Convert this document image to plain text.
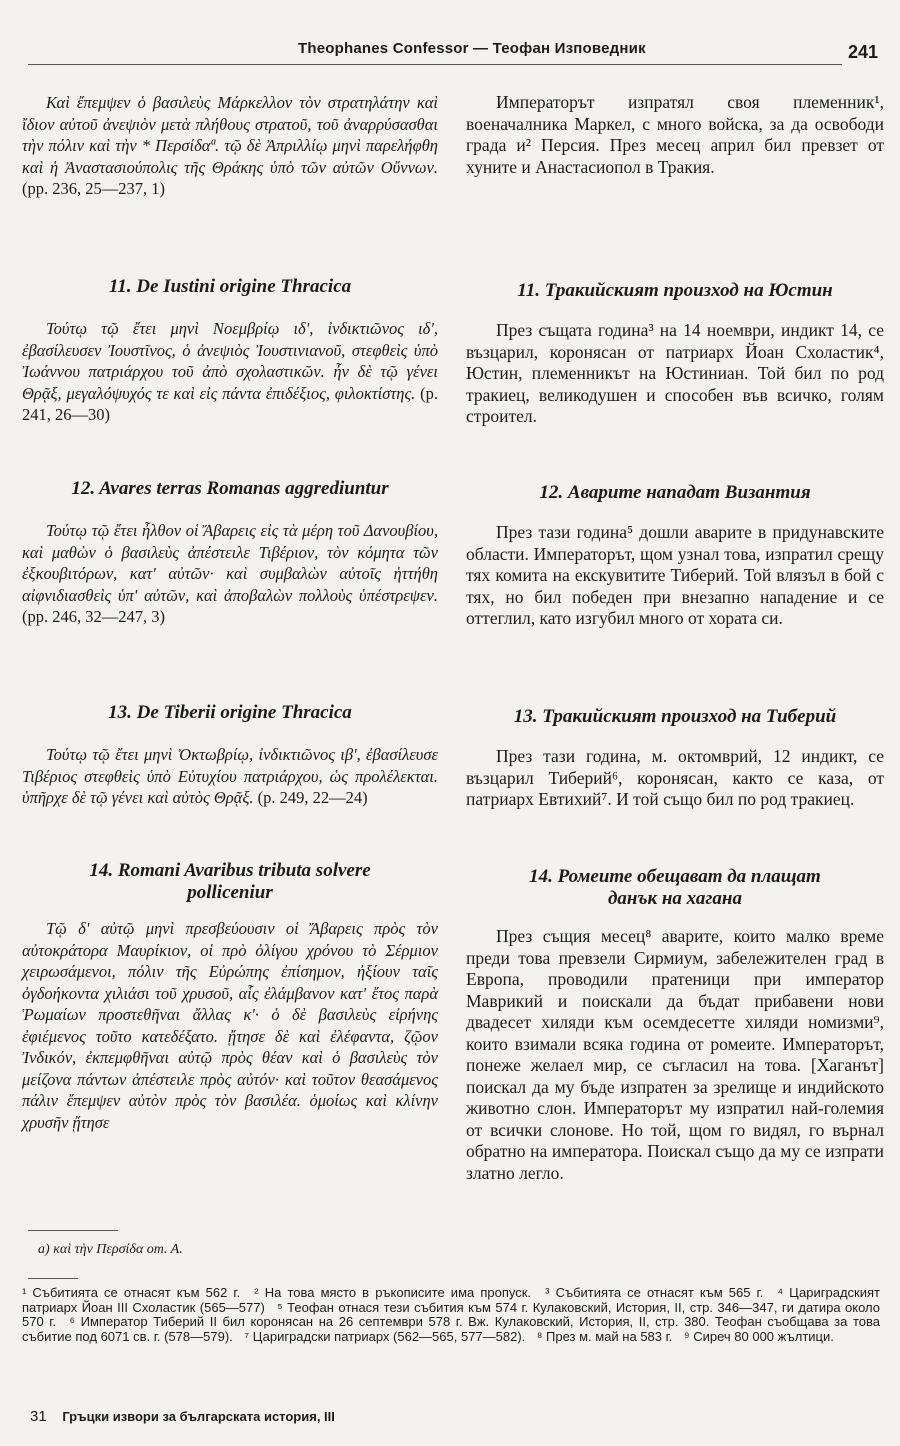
Theophanes Confessor — Теофан Изповедник	241

Καὶ ἔπεμψεν ὁ βασιλεὺς Μάρκελλον τὸν στρατηλάτην καὶ ἴδιον αὐτοῦ ἀνεψιὸν μετὰ πλήθους στρατοῦ, τοῦ ἀναρρύσασθαι τὴν πόλιν καὶ τὴν * Περσίδαª. τῷ δὲ Ἀπριλλίῳ μηνὶ παρελήφθη καὶ ἡ Ἀναστασιούπολις τῆς Θράκης ὑπὸ τῶν αὐτῶν Οὔννων. (pp. 236, 25—237, 1)

11. De Iustini origine Thracica

Τούτῳ τῷ ἔτει μηνὶ Νοεμβρίῳ ιδ', ἰνδικτιῶνος ιδ', ἐβασίλευσεν Ἰουστῖνος, ὁ ἀνεψιὸς Ἰουστινιανοῦ, στεφθεὶς ὑπὸ Ἰωάννου πατριάρχου τοῦ ἀπὸ σχολαστικῶν. ἦν δὲ τῷ γένει Θρᾷξ, μεγαλόψυχός τε καὶ εἰς πάντα ἐπιδέξιος, φιλοκτίστης. (p. 241, 26—30)

12. Avares terras Romanas aggrediuntur

Τούτῳ τῷ ἔτει ἦλθον οἱ Ἄβαρεις εἰς τὰ μέρη τοῦ Δανουβίου, καὶ μαθὼν ὁ βασιλεὺς ἀπέστειλε Τιβέριον, τὸν κόμητα τῶν ἐξκουβιτόρων, κατ' αὐτῶν· καὶ συμβαλὼν αὐτοῖς ἡττήθη αἰφνιδιασθεὶς ὑπ' αὐτῶν, καὶ ἀποβαλὼν πολλοὺς ὑπέστρεψεν. (pp. 246, 32—247, 3)

13. De Tiberii origine Thracica

Τούτῳ τῷ ἔτει μηνὶ Ὀκτωβρίῳ, ἰνδικτιῶνος ιβ', ἐβασίλευσε Τιβέριος στεφθεὶς ὑπὸ Εὐτυχίου πατριάρχου, ὡς προλέλεκται. ὑπῆρχε δὲ τῷ γένει καὶ αὐτὸς Θρᾷξ. (p. 249, 22—24)

14. Romani Avaribus tributa solvere polliceniur

Τῷ δ' αὐτῷ μηνὶ πρεσβεύουσιν οἱ Ἄβαρεις πρὸς τὸν αὐτοκράτορα Μαυρίκιον, οἱ πρὸ ὀλίγου χρόνου τὸ Σέρμιον χειρωσάμενοι, πόλιν τῆς Εὐρώπης ἐπίσημον, ἠξίουν ταῖς ὀγδοήκοντα χιλιάσι τοῦ χρυσοῦ, αἷς ἐλάμβανον κατ' ἔτος παρὰ Ῥωμαίων προστεθῆναι ἄλλας κ'· ὁ δὲ βασιλεὺς εἰρήνης ἐφιέμενος τοῦτο κατεδέξατο. ᾔτησε δὲ καὶ ἐλέφαντα, ζῷον Ἰνδικόν, ἐκπεμφθῆναι αὐτῷ πρὸς θέαν καὶ ὁ βασιλεὺς τὸν μείζονα πάντων ἀπέστειλε πρὸς αὐτόν· καὶ τοῦτον θεασάμενος πάλιν ἔπεμψεν αὐτὸν πρὸς τὸν βασιλέα. ὁμοίως καὶ κλίνην χρυσῆν ᾔτησε

Императорът изпратял своя племенник¹, военачалника Маркел, с много войска, за да освободи града и² Персия. През месец април бил превзет от хуните и Анастасиопол в Тракия.

11. Тракийският произход на Юстин

През същата година³ на 14 ноември, индикт 14, се възцарил, коронясан от патриарх Йоан Схоластик⁴, Юстин, племенникът на Юстиниан. Той бил по род тракиец, великодушен и способен във всичко, голям строител.

12. Аварите нападат Византия

През тази година⁵ дошли аварите в придунавските области. Императорът, щом узнал това, изпратил срещу тях комита на екскувитите Тиберий. Той влязъл в бой с тях, но бил победен при внезапно нападение и се оттеглил, като изгубил много от хората си.

13. Тракийският произход на Тиберий

През тази година, м. октомврий, 12 индикт, се възцарил Тиберий⁶, коронясан, както се каза, от патриарх Евтихий⁷. И той също бил по род тракиец.

14. Ромеите обещават да плащат данък на хагана

През същия месец⁸ аварите, които малко време преди това превзели Сирмиум, забележителен град в Европа, проводили пратеници при император Маврикий и поискали да бъдат прибавени нови двадесет хиляди към осемдесетте хиляди номизми⁹, които взимали всяка година от ромеите. Императорът, понеже желаел мир, се съгласил на това. [Хаганът] поискал да му бъде изпратен за зрелище и индийското животно слон. Императорът му изпратил най-големия от всички слонове. Но той, щом го видял, го върнал обратно на императора. Поискал също да му се изпрати златно легло.

a) καὶ τὴν Περσίδα om. A.

¹ Събитията се отнасят към 562 г. ² На това място в ръкописите има пропуск. ³ Събитията се отнасят към 565 г. ⁴ Цариградският патриарх Йоан III Схоластик (565—577) ⁵ Теофан отнася тези събития към 574 г. Кулаковский, История, II, стр. 346—347, ги датира около 570 г. ⁶ Император Тиберий II бил коронясан на 26 септември 578 г. Вж. Кулаковский, История, II, стр. 380. Теофан съобщава за това събитие под 6071 св. г. (578—579). ⁷ Цариградски патриарх (562—565, 577—582). ⁸ През м. май на 583 г. ⁹ Сиреч 80 000 жълтици.

31 Гръцки извори за българската история, III
